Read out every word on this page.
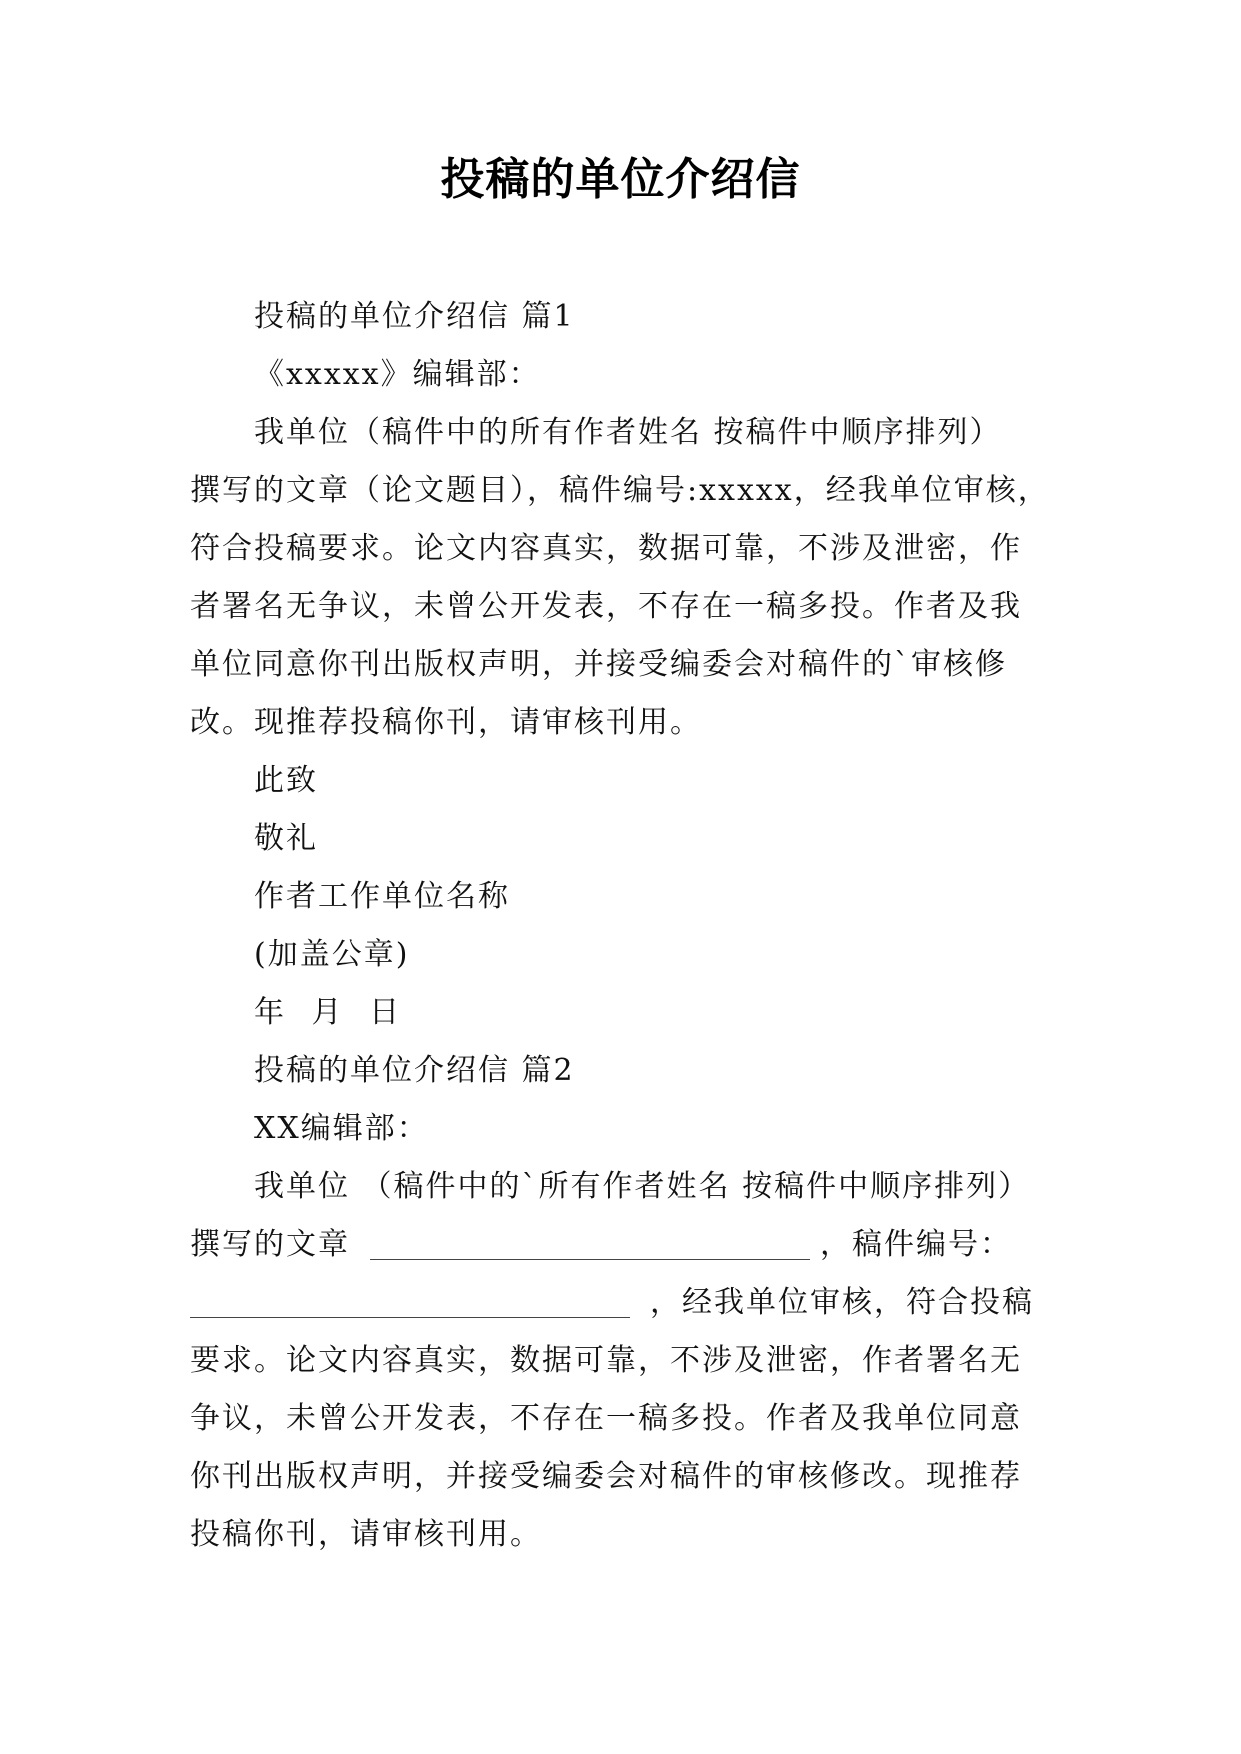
投稿的单位介绍信
投稿的单位介绍信 篇1
《xxxxx》编辑部：
我单位（稿件中的所有作者姓名 按稿件中顺序排列）
撰写的文章（论文题目），稿件编号:xxxxx，经我单位审核，
符合投稿要求。论文内容真实，数据可靠，不涉及泄密，作
者署名无争议，未曾公开发表，不存在一稿多投。作者及我
单位同意你刊出版权声明，并接受编委会对稿件的`审核修
改。现推荐投稿你刊，请审核刊用。
此致
敬礼
作者工作单位名称
(加盖公章)
年 月 日
投稿的单位介绍信 篇2
XX编辑部：
我单位 （稿件中的`所有作者姓名 按稿件中顺序排列）
撰写的文章	，稿件编号：
，经我单位审核，符合投稿
要求。论文内容真实，数据可靠，不涉及泄密，作者署名无
争议，未曾公开发表，不存在一稿多投。作者及我单位同意
你刊出版权声明，并接受编委会对稿件的审核修改。现推荐
投稿你刊，请审核刊用。
